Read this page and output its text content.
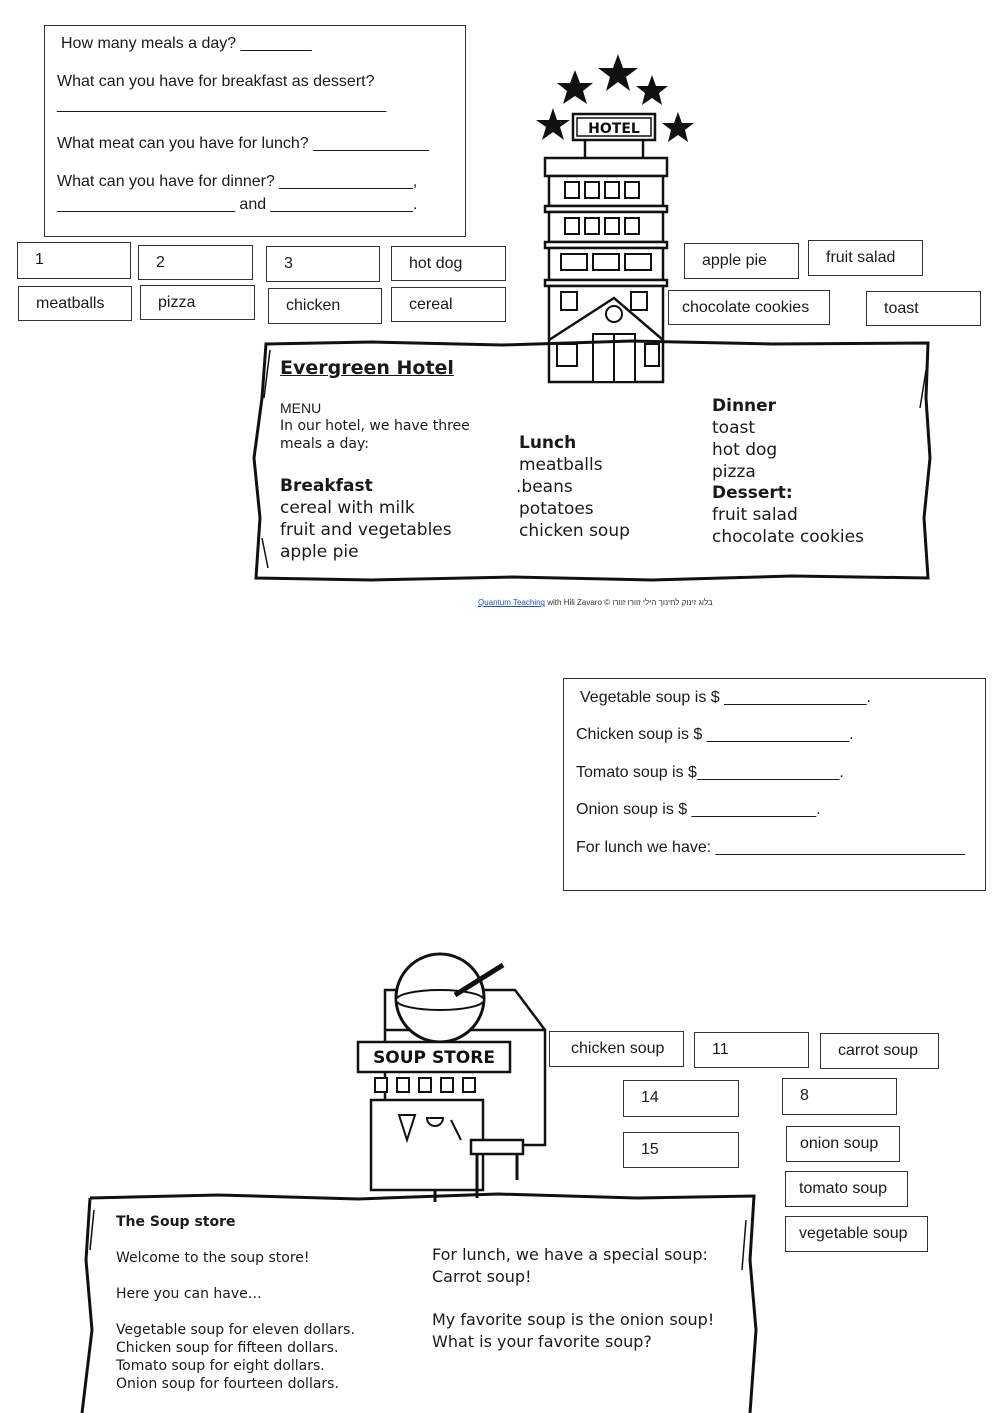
How many meals a day? ________
What can you have for breakfast as dessert?
_____________________________________
What meat can you have for lunch? _____________
What can you have for dinner? _______________,
____________________ and ________________.
1	2	3	hot dog
meatballs	pizza	chicken	cereal
apple pie	fruit salad
chocolate cookies	toast
HOTEL
Evergreen Hotel
MENU
In our hotel, we have three
meals a day:
Breakfast
cereal with milk
fruit and vegetables
apple pie
Lunch
meatballs
.beans
potatoes
chicken soup
Dinner
toast
hot dog
pizza
Dessert:
fruit salad
chocolate cookies
Quantum Teaching with Hili Zavaro © בלוג זינוק לחינוך הילי זוורו זוורו
Vegetable soup is $ ________________.
Chicken soup is $ ________________.
Tomato soup is $________________.
Onion soup is $ ______________.
For lunch we have: ____________________________
SOUP STORE	chicken soup	11	carrot soup
14	8
15	onion soup
tomato soup
vegetable soup
The Soup store
Welcome to the soup store!
Here you can have…
Vegetable soup for eleven dollars.
Chicken soup for fifteen dollars.
Tomato soup for eight dollars.
Onion soup for fourteen dollars.
For lunch, we have a special soup:
Carrot soup!
My favorite soup is the onion soup!
What is your favorite soup?
